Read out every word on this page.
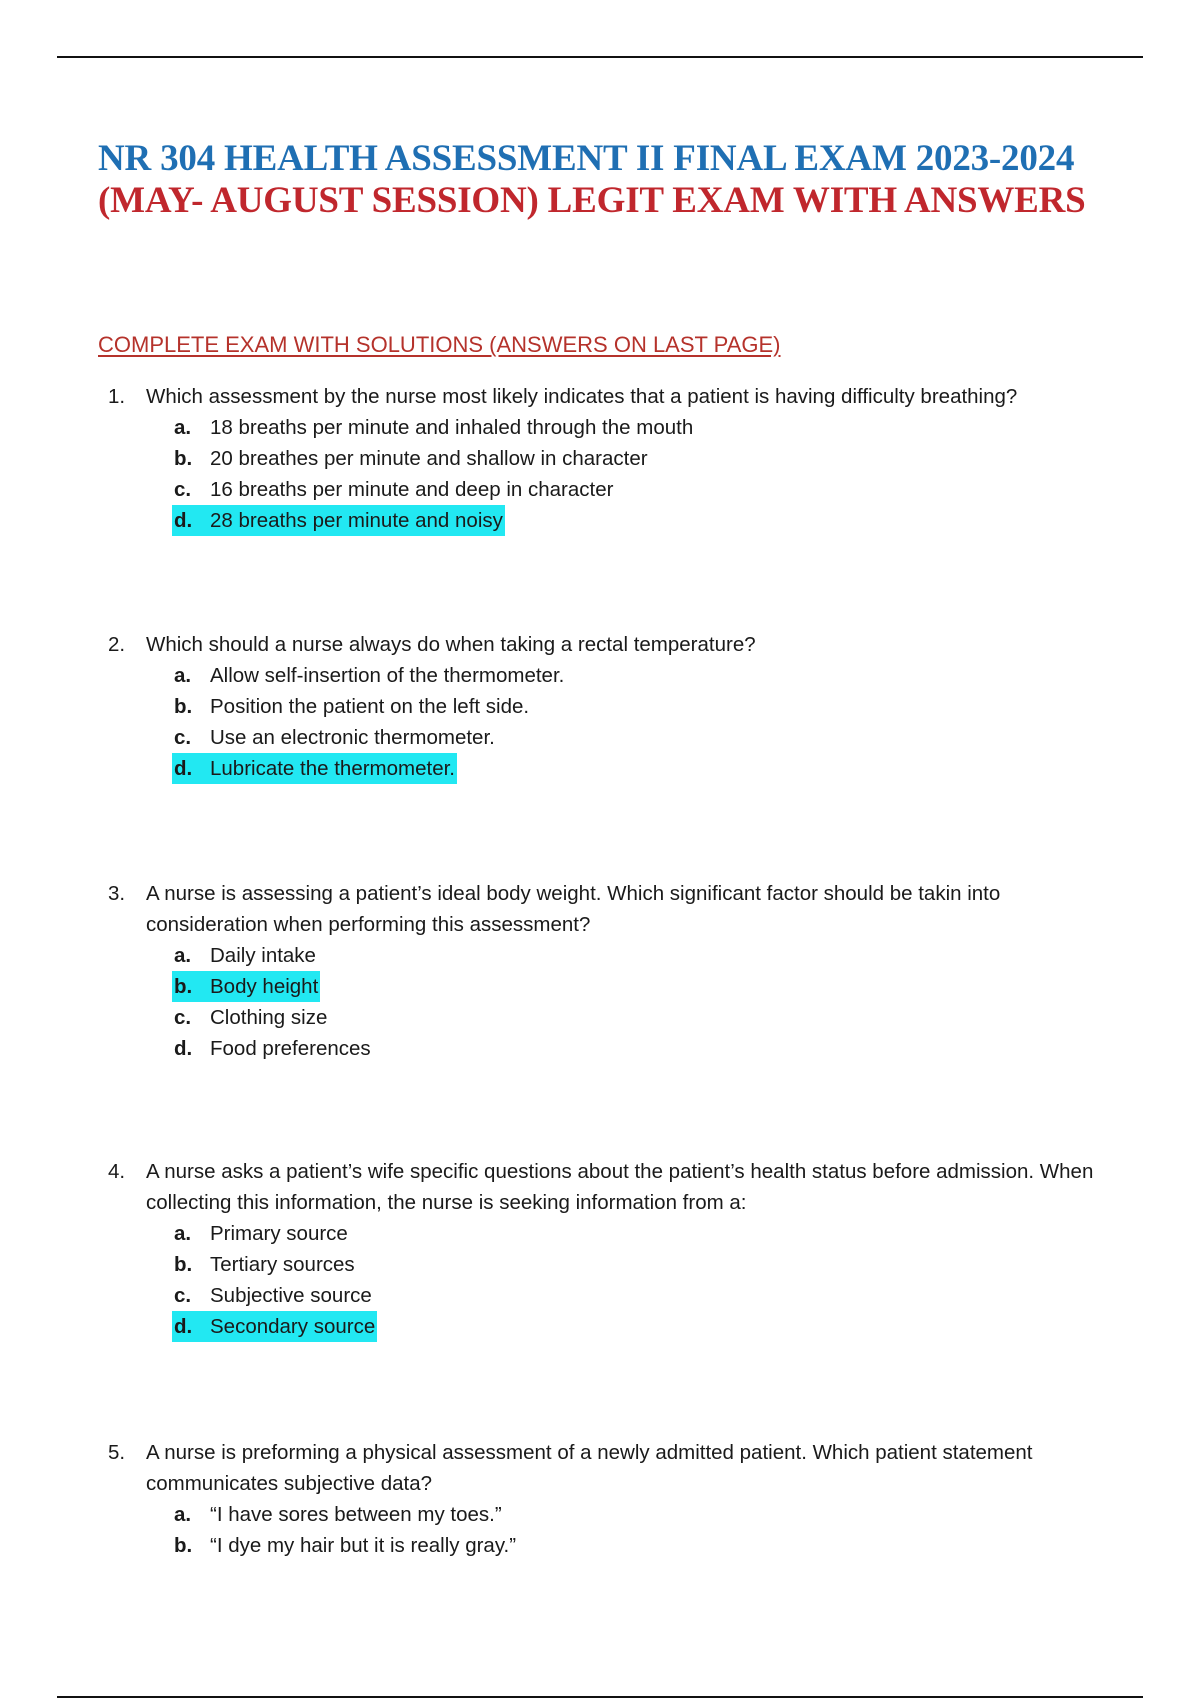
NR 304 HEALTH ASSESSMENT II FINAL EXAM 2023-2024
(MAY- AUGUST SESSION) LEGIT EXAM WITH ANSWERS
COMPLETE EXAM WITH SOLUTIONS (ANSWERS ON LAST PAGE)
1.	Which assessment by the nurse most likely indicates that a patient is having difficulty breathing?
a. 18 breaths per minute and inhaled through the mouth
b. 20 breathes per minute and shallow in character
c. 16 breaths per minute and deep in character
d. 28 breaths per minute and noisy
2.	Which should a nurse always do when taking a rectal temperature?
a. Allow self-insertion of the thermometer.
b. Position the patient on the left side.
c. Use an electronic thermometer.
d. Lubricate the thermometer.
3.	A nurse is assessing a patient’s ideal body weight. Which significant factor should be takin into consideration when performing this assessment?
a. Daily intake
b. Body height
c. Clothing size
d. Food preferences
4.	A nurse asks a patient’s wife specific questions about the patient’s health status before admission. When collecting this information, the nurse is seeking information from a:
a. Primary source
b. Tertiary sources
c. Subjective source
d. Secondary source
5.	A nurse is preforming a physical assessment of a newly admitted patient. Which patient statement communicates subjective data?
a. “I have sores between my toes.”
b. “I dye my hair but it is really gray.”
